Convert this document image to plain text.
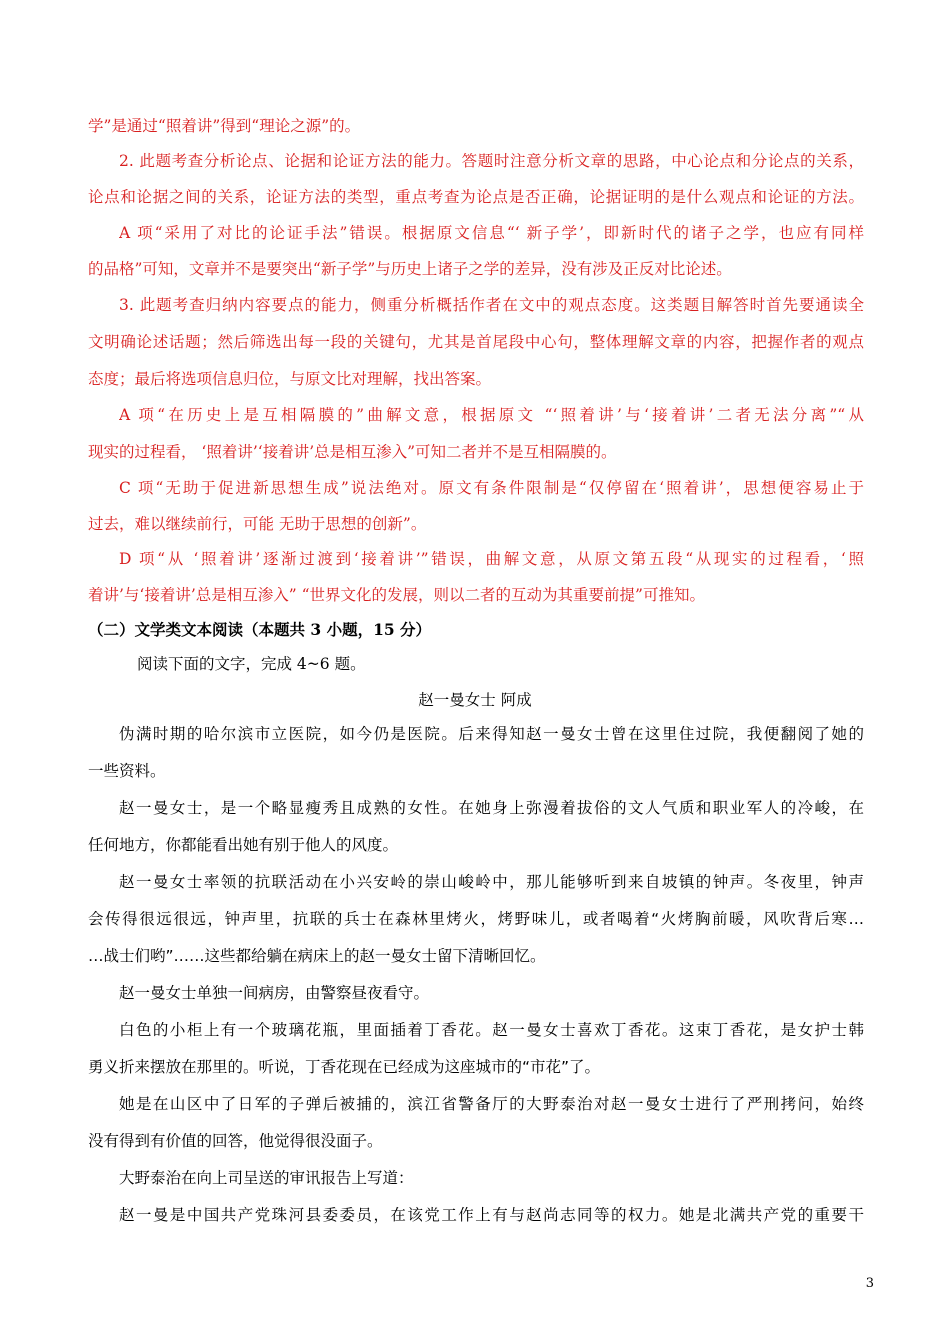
学”是通过“照着讲”得到“理论之源”的。
2. 此题考查分析论点、论据和论证方法的能力。答题时注意分析文章的思路，中心论点和分论点的关系，
论点和论据之间的关系，论证方法的类型，重点考查为论点是否正确，论据证明的是什么观点和论证的方法。
A 项“采用了对比的论证手法”错误。根据原文信息“‘ 新子学’，即新时代的诸子之学，也应有同样
的品格”可知，文章并不是要突出“新子学”与历史上诸子之学的差异，没有涉及正反对比论述。
3. 此题考查归纳内容要点的能力，侧重分析概括作者在文中的观点态度。这类题目解答时首先要通读全
文明确论述话题；然后筛选出每一段的关键句，尤其是首尾段中心句，整体理解文章的内容，把握作者的观点
态度；最后将选项信息归位，与原文比对理解，找出答案。
A 项“在历史上是互相隔膜的”曲解文意，根据原文 “‘照着讲’与‘接着讲’二者无法分离”“从
现实的过程看， ‘照着讲’‘接着讲’总是相互渗入”可知二者并不是互相隔膜的。
C 项“无助于促进新思想生成”说法绝对。原文有条件限制是“仅停留在‘照着讲’，思想便容易止于
过去，难以继续前行，可能 无助于思想的创新”。
D 项“从 ‘照着讲’逐渐过渡到‘接着讲’”错误，曲解文意，从原文第五段“从现实的过程看，‘照
着讲’与‘接着讲’总是相互渗入” “世界文化的发展，则以二者的互动为其重要前提”可推知。
（二）文学类文本阅读（本题共 3 小题，15 分）
阅读下面的文字，完成 4~6 题。
赵一曼女士 阿成
伪满时期的哈尔滨市立医院，如今仍是医院。后来得知赵一曼女士曾在这里住过院，我便翻阅了她的
一些资料。
赵一曼女士，是一个略显瘦秀且成熟的女性。在她身上弥漫着拔俗的文人气质和职业军人的冷峻，在
任何地方，你都能看出她有别于他人的风度。
赵一曼女士率领的抗联活动在小兴安岭的崇山峻岭中，那儿能够听到来自坡镇的钟声。冬夜里，钟声
会传得很远很远，钟声里，抗联的兵士在森林里烤火，烤野味儿，或者喝着“火烤胸前暖，风吹背后寒…
…战士们哟”……这些都给躺在病床上的赵一曼女士留下清晰回忆。
赵一曼女士单独一间病房，由警察昼夜看守。
白色的小柜上有一个玻璃花瓶，里面插着丁香花。赵一曼女士喜欢丁香花。这束丁香花，是女护士韩
勇义折来摆放在那里的。听说，丁香花现在已经成为这座城市的“市花”了。
她是在山区中了日军的子弹后被捕的，滨江省警备厅的大野泰治对赵一曼女士进行了严刑拷问，始终
没有得到有价值的回答，他觉得很没面子。
大野泰治在向上司呈送的审讯报告上写道：
赵一曼是中国共产党珠河县委委员，在该党工作上有与赵尚志同等的权力。她是北满共产党的重要干
3
